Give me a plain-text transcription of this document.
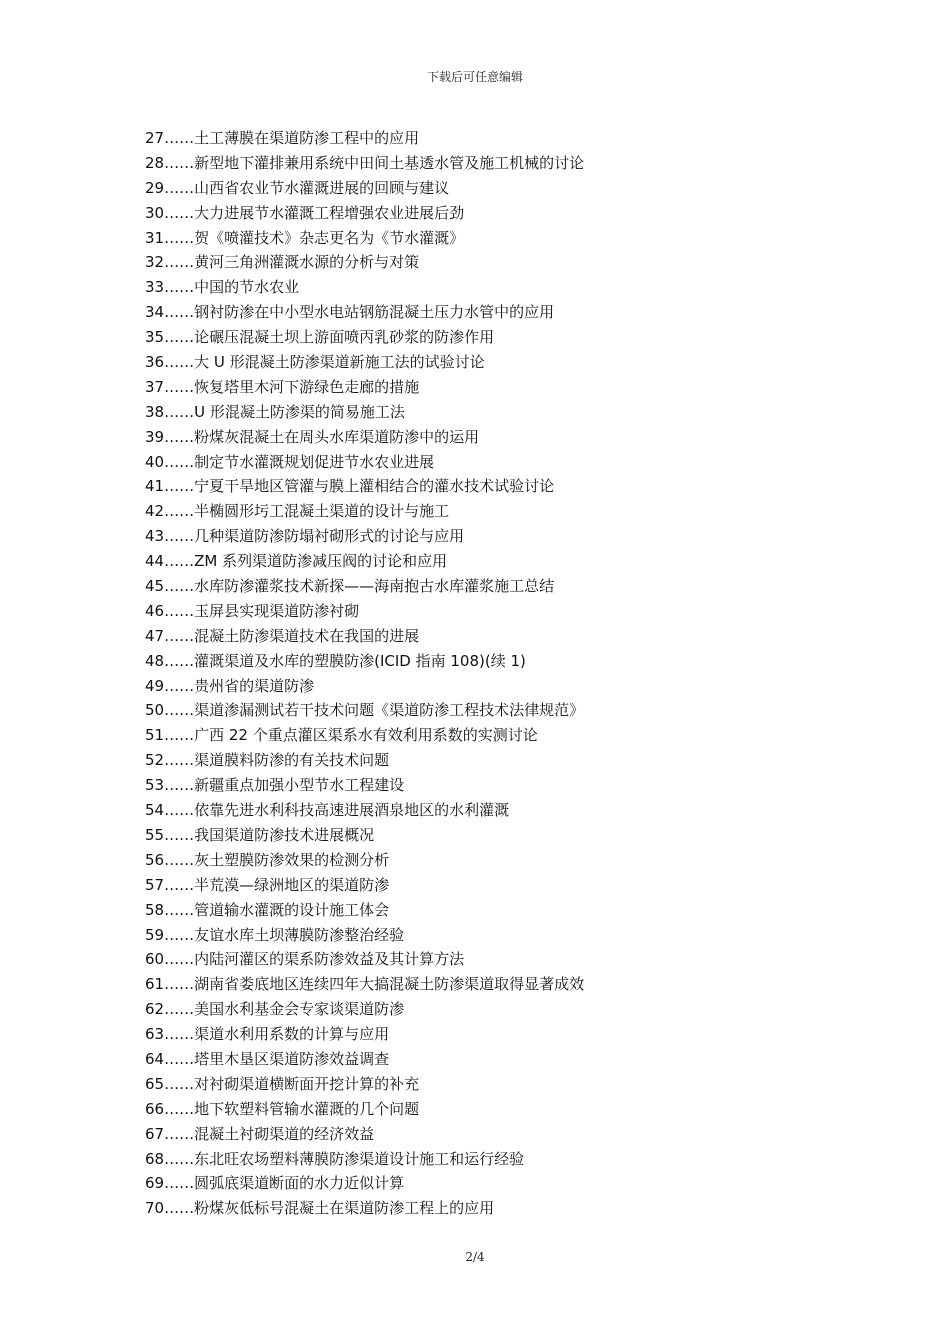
下载后可任意编辑
27……土工薄膜在渠道防渗工程中的应用
28……新型地下灌排兼用系统中田间土基透水管及施工机械的讨论
29……山西省农业节水灌溉进展的回顾与建议
30……大力进展节水灌溉工程增强农业进展后劲
31……贺《喷灌技术》杂志更名为《节水灌溉》
32……黄河三角洲灌溉水源的分析与对策
33……中国的节水农业
34……钢衬防渗在中小型水电站钢筋混凝土压力水管中的应用
35……论碾压混凝土坝上游面喷丙乳砂浆的防渗作用
36……大 U 形混凝土防渗渠道新施工法的试验讨论
37……恢复塔里木河下游绿色走廊的措施
38……U 形混凝土防渗渠的简易施工法
39……粉煤灰混凝土在周头水库渠道防渗中的运用
40……制定节水灌溉规划促进节水农业进展
41……宁夏干旱地区管灌与膜上灌相结合的灌水技术试验讨论
42……半椭圆形圬工混凝土渠道的设计与施工
43……几种渠道防渗防塌衬砌形式的讨论与应用
44……ZM 系列渠道防渗减压阀的讨论和应用
45……水库防渗灌浆技术新探——海南抱古水库灌浆施工总结
46……玉屏县实现渠道防渗衬砌
47……混凝土防渗渠道技术在我国的进展
48……灌溉渠道及水库的塑膜防渗(ICID 指南 108)(续 1)
49……贵州省的渠道防渗
50……渠道渗漏测试若干技术问题《渠道防渗工程技术法律规范》
51……广西 22 个重点灌区渠系水有效利用系数的实测讨论
52……渠道膜料防渗的有关技术问题
53……新疆重点加强小型节水工程建设
54……依靠先进水利科技高速进展酒泉地区的水利灌溉
55……我国渠道防渗技术进展概况
56……灰土塑膜防渗效果的检测分析
57……半荒漠—绿洲地区的渠道防渗
58……管道输水灌溉的设计施工体会
59……友谊水库土坝薄膜防渗整治经验
60……内陆河灌区的渠系防渗效益及其计算方法
61……湖南省娄底地区连续四年大搞混凝土防渗渠道取得显著成效
62……美国水利基金会专家谈渠道防渗
63……渠道水利用系数的计算与应用
64……塔里木垦区渠道防渗效益调查
65……对衬砌渠道横断面开挖计算的补充
66……地下软塑料管输水灌溉的几个问题
67……混凝土衬砌渠道的经济效益
68……东北旺农场塑料薄膜防渗渠道设计施工和运行经验
69……圆弧底渠道断面的水力近似计算
70……粉煤灰低标号混凝土在渠道防渗工程上的应用
2/4
